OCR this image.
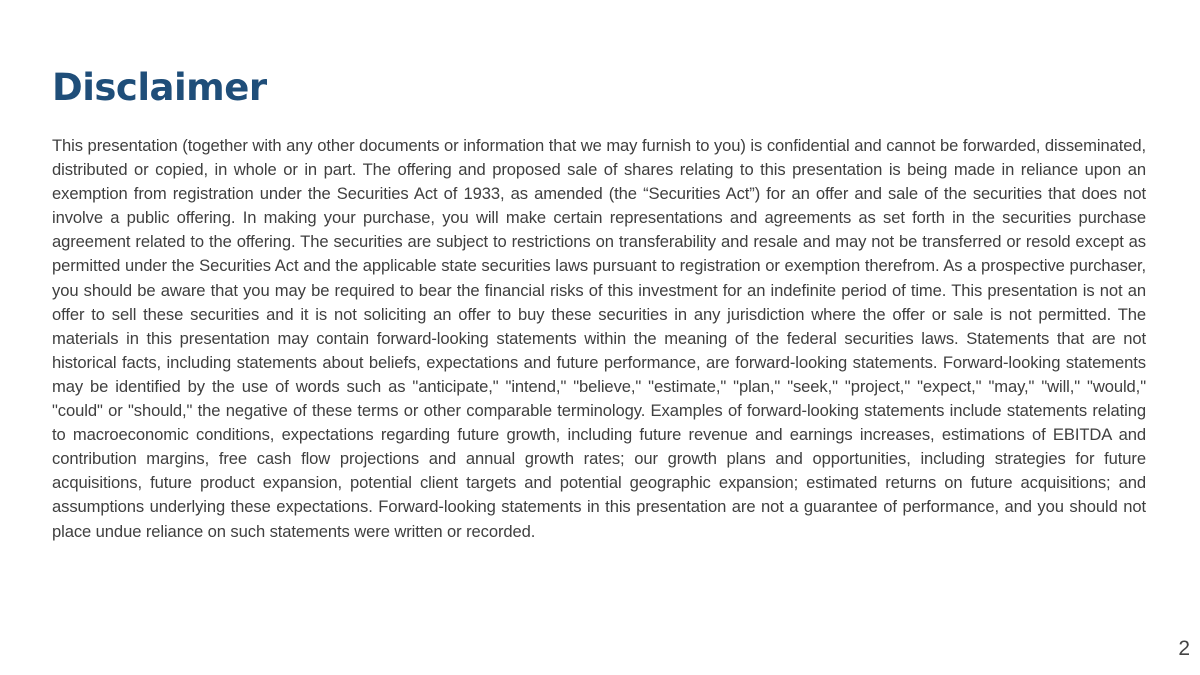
Disclaimer

This presentation (together with any other documents or information that we may furnish to you) is confidential and cannot be forwarded, disseminated, distributed or copied, in whole or in part. The offering and proposed sale of shares relating to this presentation is being made in reliance upon an exemption from registration under the Securities Act of 1933, as amended (the “Securities Act”) for an offer and sale of the securities that does not involve a public offering. In making your purchase, you will make certain representations and agreements as set forth in the securities purchase agreement related to the offering. The securities are subject to restrictions on transferability and resale and may not be transferred or resold except as permitted under the Securities Act and the applicable state securities laws pursuant to registration or exemption therefrom. As a prospective purchaser, you should be aware that you may be required to bear the financial risks of this investment for an indefinite period of time. This presentation is not an offer to sell these securities and it is not soliciting an offer to buy these securities in any jurisdiction where the offer or sale is not permitted. The materials in this presentation may contain forward-looking statements within the meaning of the federal securities laws. Statements that are not historical facts, including statements about beliefs, expectations and future performance, are forward-looking statements. Forward-looking statements may be identified by the use of words such as "anticipate," "intend," "believe," "estimate," "plan," "seek," "project," "expect," "may," "will," "would," "could" or "should," the negative of these terms or other comparable terminology. Examples of forward-looking statements include statements relating to macroeconomic conditions, expectations regarding future growth, including future revenue and earnings increases, estimations of EBITDA and contribution margins, free cash flow projections and annual growth rates; our growth plans and opportunities, including strategies for future acquisitions, future product expansion, potential client targets and potential geographic expansion; estimated returns on future acquisitions; and assumptions underlying these expectations. Forward-looking statements in this presentation are not a guarantee of performance, and you should not place undue reliance on such statements were written or recorded.

2
